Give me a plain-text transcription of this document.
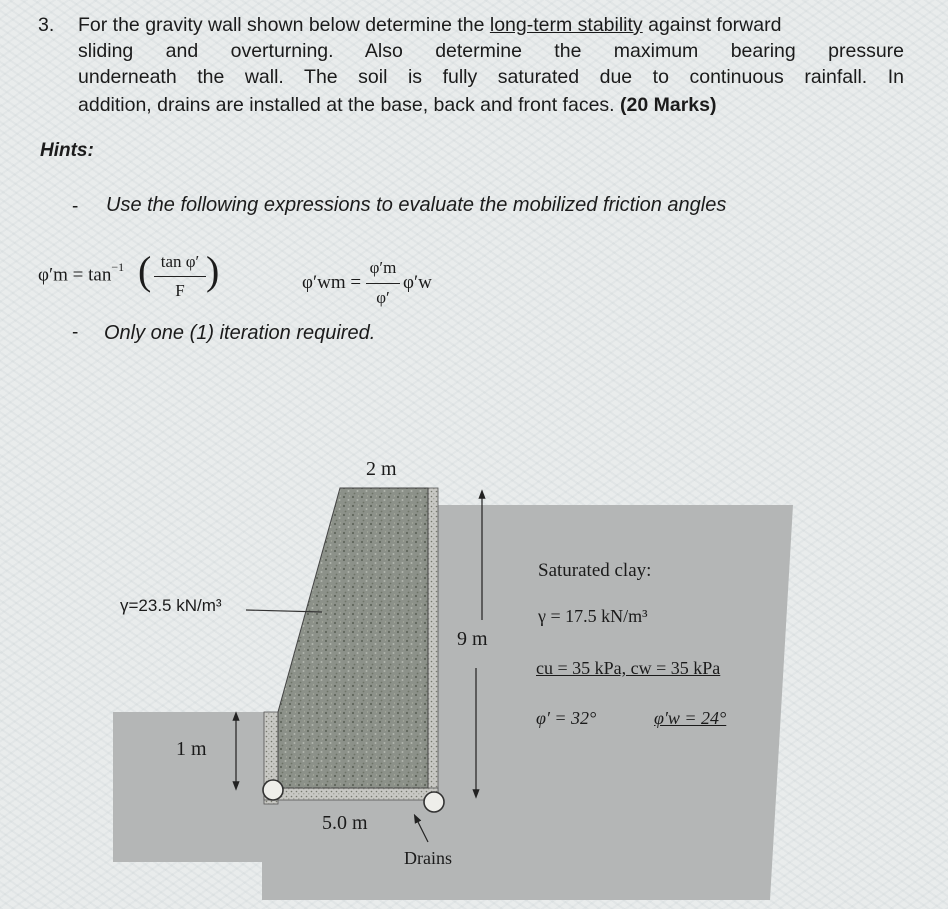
3. For the gravity wall shown below determine the long-term stability against forward
sliding and overturning. Also determine the maximum bearing pressure
underneath the wall. The soil is fully saturated due to continuous rainfall. In
addition, drains are installed at the base, back and front faces. (20 Marks)
Hints:
- Use the following expressions to evaluate the mobilized friction angles
$\varphi'm = \tan^{-1}$ ( tan φ′
F )	φ′wm =
φ′m
φ′
φ′w
- Only one (1) iteration required.
2 m
9 m
1 m
5.0 m
Drains
γ=23.5 kN/m³
Saturated clay:
γ = 17.5 kN/m³
cu = 35 kPa, cw = 35 kPa
φ′ = 32°	φ′w = 24°
